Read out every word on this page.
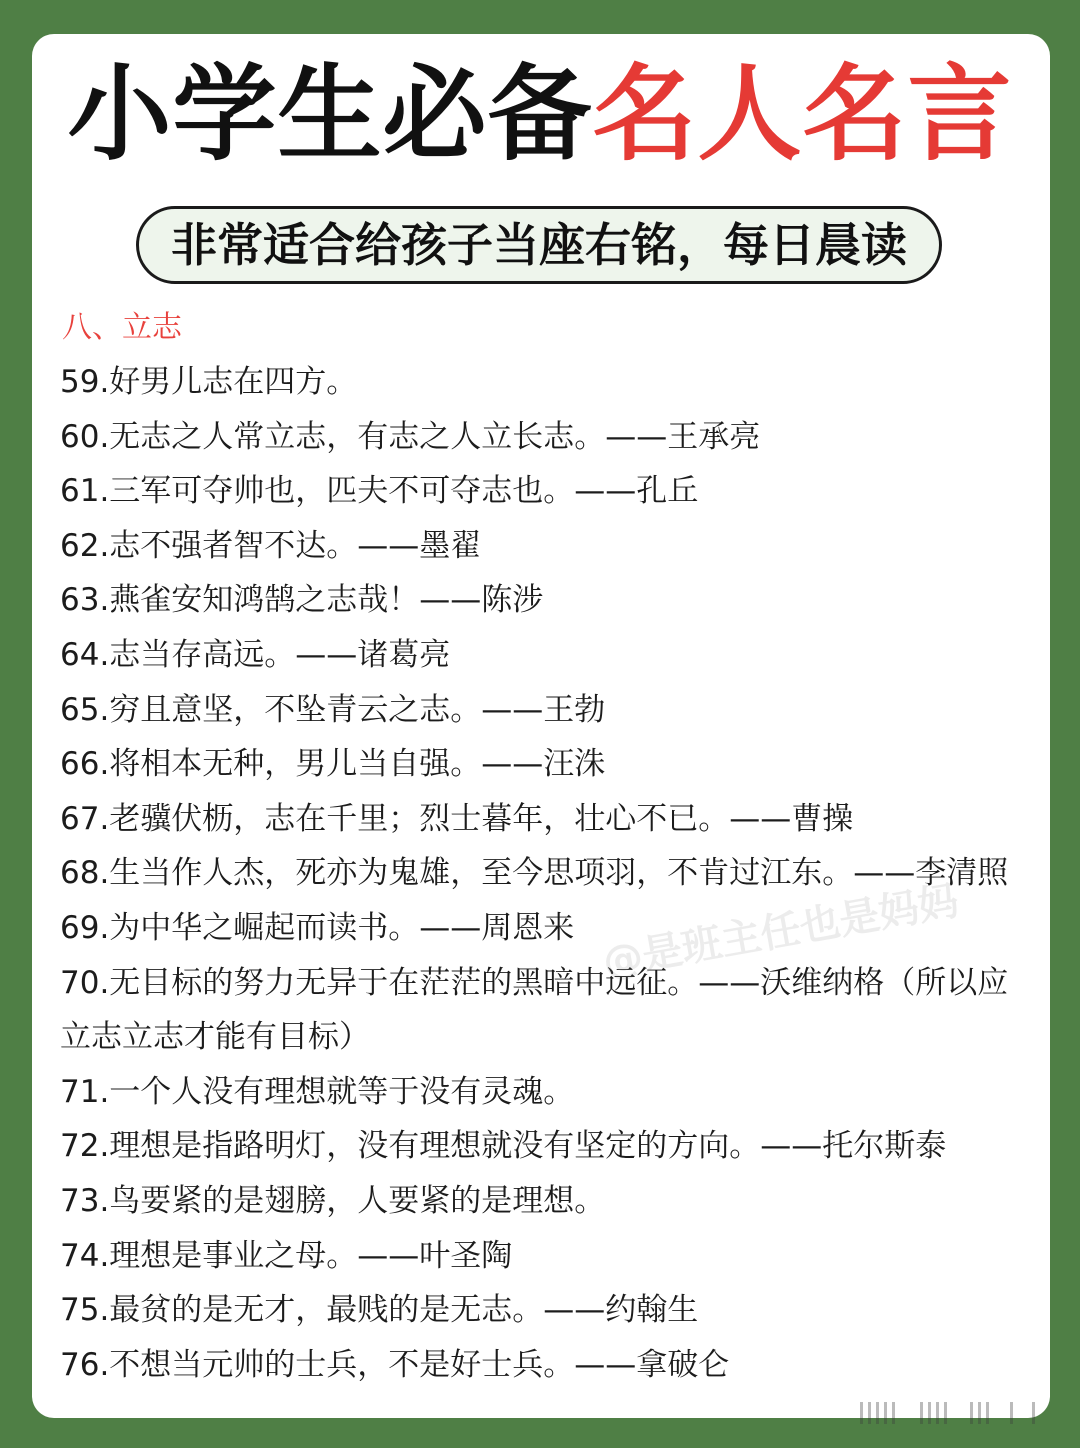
小学生必备名人名言
非常适合给孩子当座右铭，每日晨读
八、立志
59.好男儿志在四方。
60.无志之人常立志，有志之人立长志。——王承亮
61.三军可夺帅也，匹夫不可夺志也。——孔丘
62.志不强者智不达。——墨翟
63.燕雀安知鸿鹄之志哉！——陈涉
64.志当存高远。——诸葛亮
65.穷且意坚，不坠青云之志。——王勃
66.将相本无种，男儿当自强。——汪洙
67.老骥伏枥，志在千里；烈士暮年，壮心不已。——曹操
68.生当作人杰，死亦为鬼雄，至今思项羽，不肯过江东。——李清照
69.为中华之崛起而读书。——周恩来
70.无目标的努力无异于在茫茫的黑暗中远征。——沃维纳格（所以应立志立志才能有目标）
71.一个人没有理想就等于没有灵魂。
72.理想是指路明灯，没有理想就没有坚定的方向。——托尔斯泰
73.鸟要紧的是翅膀，人要紧的是理想。
74.理想是事业之母。——叶圣陶
75.最贫的是无才，最贱的是无志。——约翰生
76.不想当元帅的士兵，不是好士兵。——拿破仑
@是班主任也是妈妈
